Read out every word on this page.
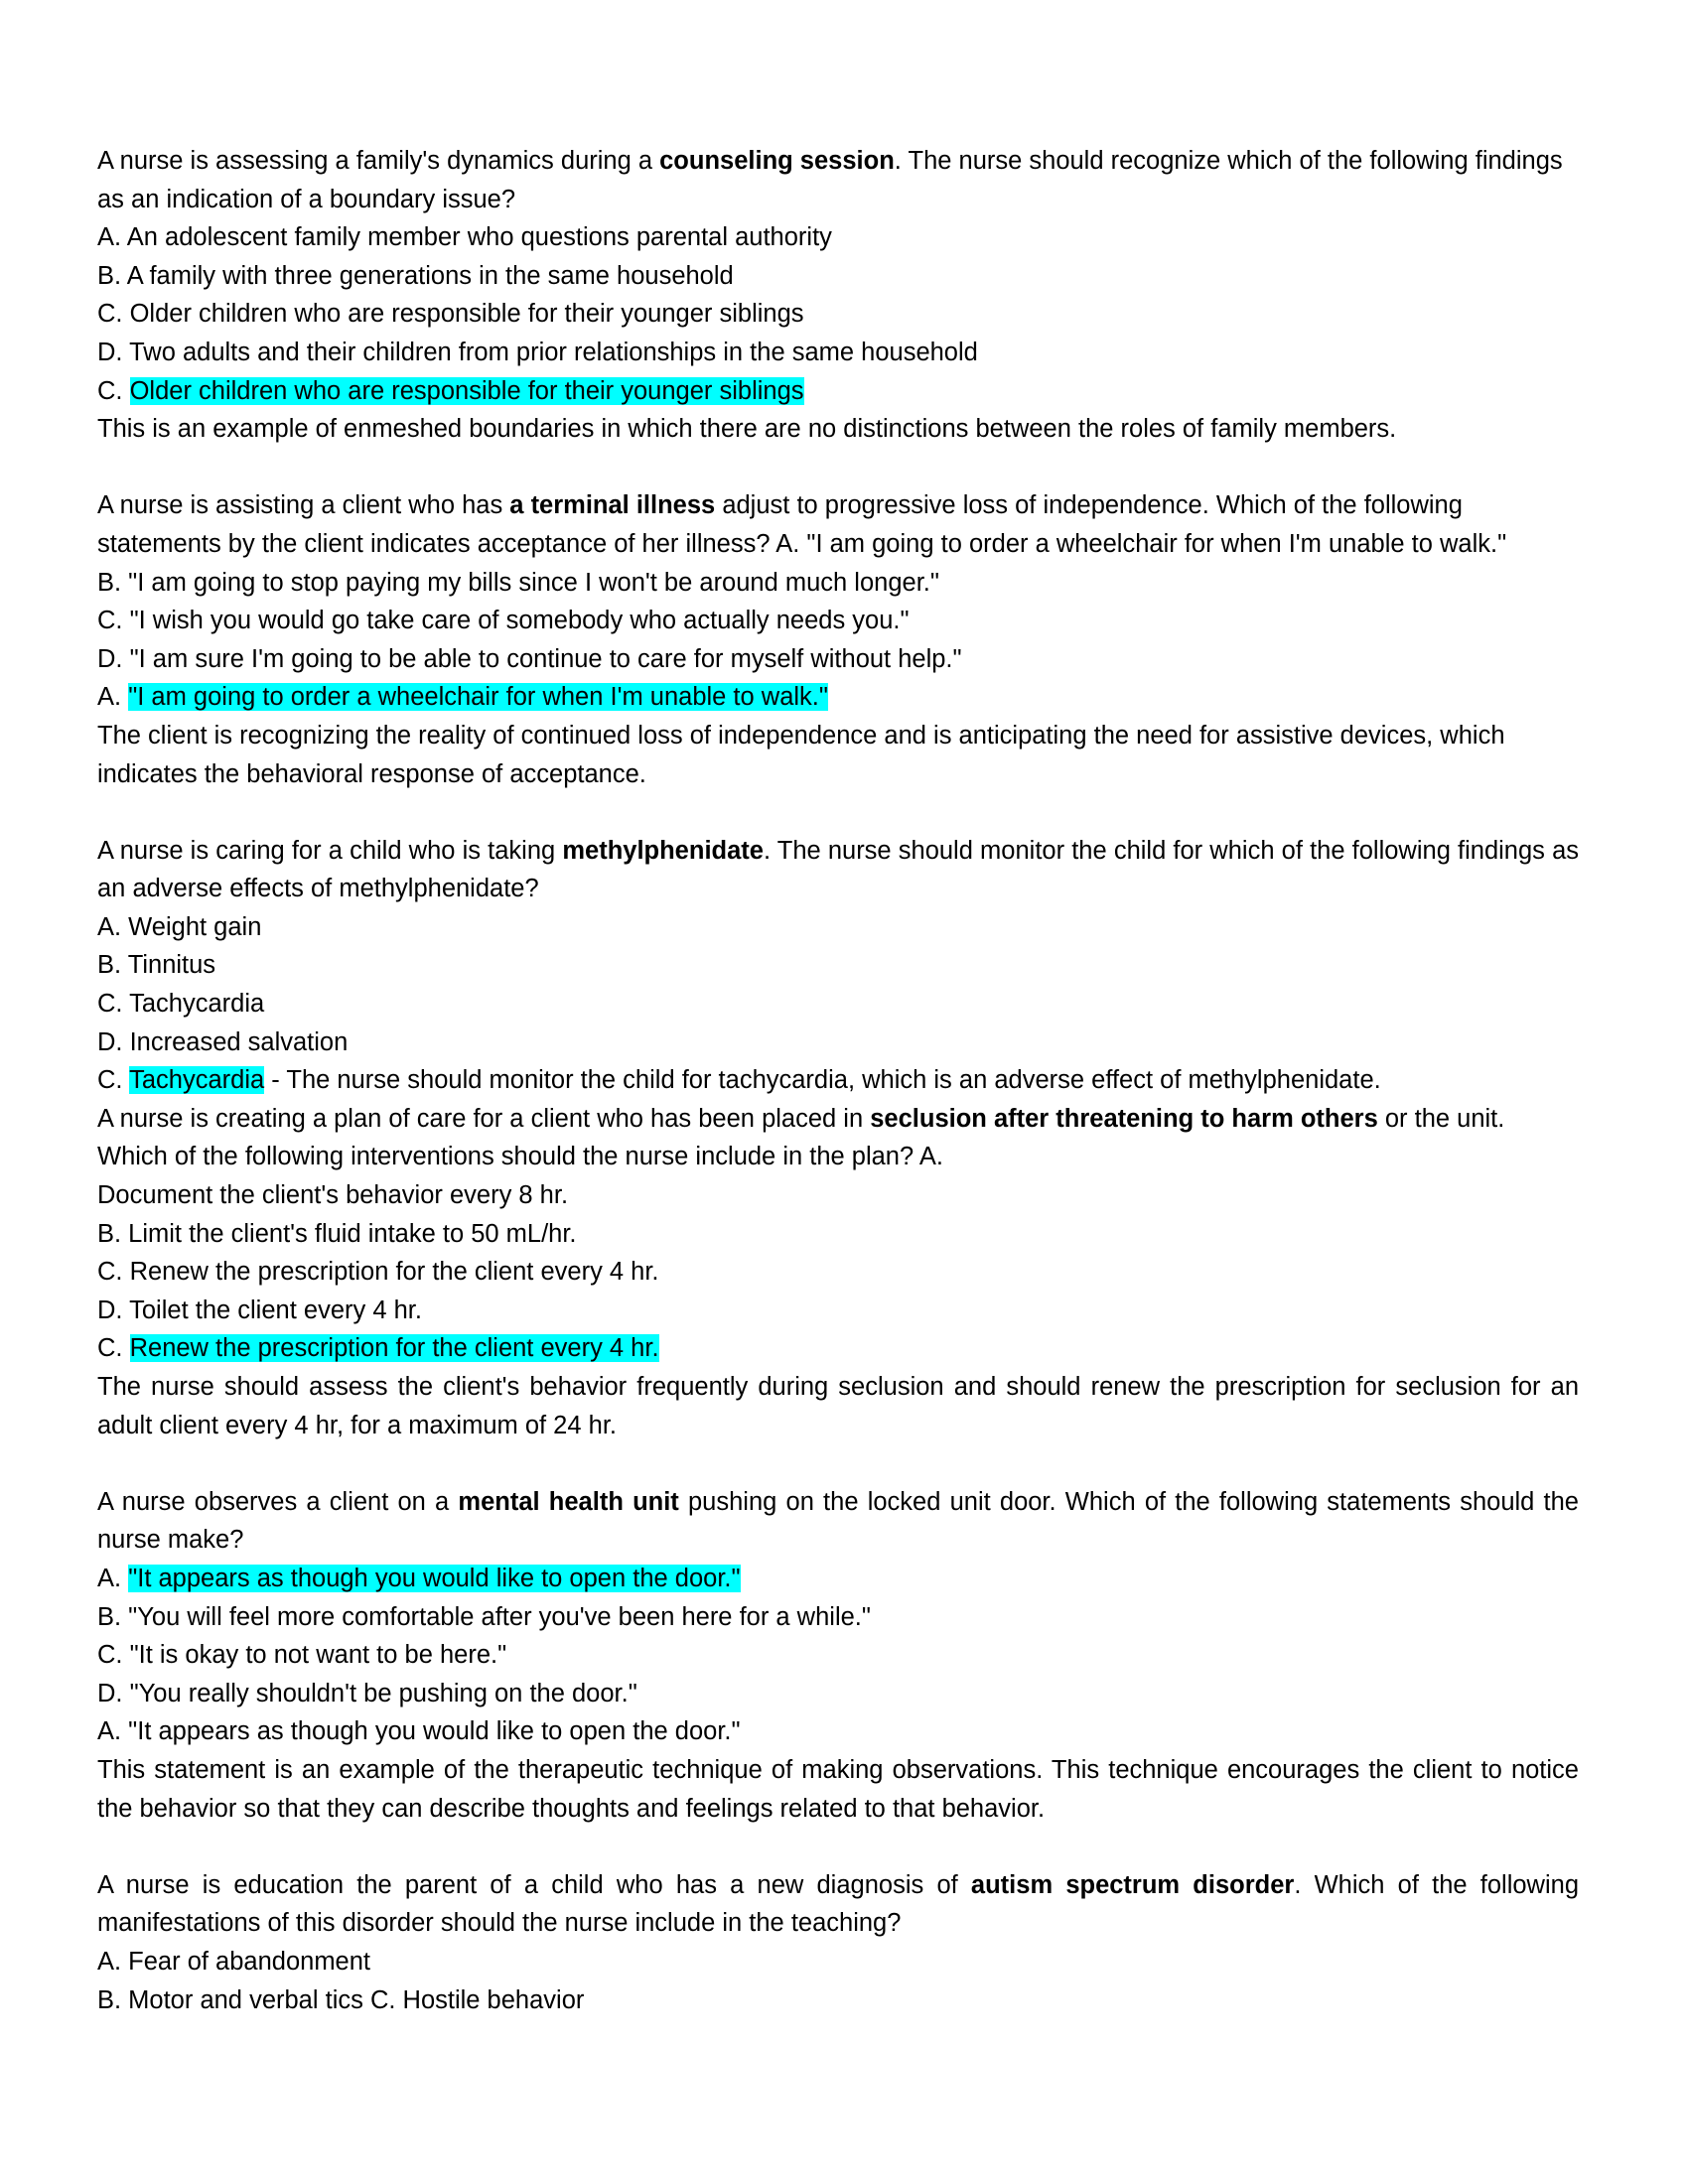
A nurse is assessing a family's dynamics during a counseling session. The nurse should recognize which of the following findings as an indication of a boundary issue?

A. An adolescent family member who questions parental authority

B. A family with three generations in the same household

C. Older children who are responsible for their younger siblings

D. Two adults and their children from prior relationships in the same household

C. Older children who are responsible for their younger siblings

This is an example of enmeshed boundaries in which there are no distinctions between the roles of family members.

A nurse is assisting a client who has a terminal illness adjust to progressive loss of independence. Which of the following statements by the client indicates acceptance of her illness? A. "I am going to order a wheelchair for when I'm unable to walk."

B. "I am going to stop paying my bills since I won't be around much longer."

C. "I wish you would go take care of somebody who actually needs you."

D. "I am sure I'm going to be able to continue to care for myself without help."

A. "I am going to order a wheelchair for when I'm unable to walk."

The client is recognizing the reality of continued loss of independence and is anticipating the need for assistive devices, which indicates the behavioral response of acceptance.

A nurse is caring for a child who is taking methylphenidate. The nurse should monitor the child for which of the following findings as an adverse effects of methylphenidate?

A. Weight gain

B. Tinnitus

C. Tachycardia

D. Increased salvation

C. Tachycardia - The nurse should monitor the child for tachycardia, which is an adverse effect of methylphenidate.

A nurse is creating a plan of care for a client who has been placed in seclusion after threatening to harm others or the unit. Which of the following interventions should the nurse include in the plan? A.

Document the client's behavior every 8 hr.

B. Limit the client's fluid intake to 50 mL/hr.

C. Renew the prescription for the client every 4 hr.

D. Toilet the client every 4 hr.

C. Renew the prescription for the client every 4 hr.

The nurse should assess the client's behavior frequently during seclusion and should renew the prescription for seclusion for an adult client every 4 hr, for a maximum of 24 hr.

A nurse observes a client on a mental health unit pushing on the locked unit door. Which of the following statements should the nurse make?

A. "It appears as though you would like to open the door."

B. "You will feel more comfortable after you've been here for a while."

C. "It is okay to not want to be here."

D. "You really shouldn't be pushing on the door."

A. "It appears as though you would like to open the door."

This statement is an example of the therapeutic technique of making observations. This technique encourages the client to notice the behavior so that they can describe thoughts and feelings related to that behavior.

A nurse is education the parent of a child who has a new diagnosis of autism spectrum disorder. Which of the following manifestations of this disorder should the nurse include in the teaching?

A. Fear of abandonment

B. Motor and verbal tics C. Hostile behavior
